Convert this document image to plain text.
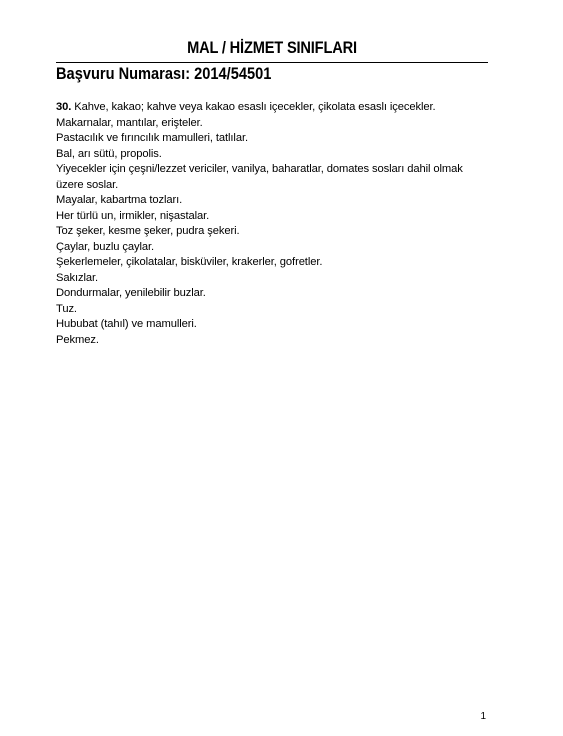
MAL / HİZMET SINIFLARI
Başvuru Numarası: 2014/54501
30. Kahve, kakao; kahve veya kakao esaslı içecekler, çikolata esaslı içecekler.
Makarnalar, mantılar, erişteler.
Pastacılık ve fırıncılık mamulleri, tatlılar.
Bal, arı sütü, propolis.
Yiyecekler için çeşni/lezzet vericiler, vanilya, baharatlar, domates sosları dahil olmak
üzere soslar.
Mayalar, kabartma tozları.
Her türlü un, irmikler, nişastalar.
Toz şeker, kesme şeker, pudra şekeri.
Çaylar, buzlu çaylar.
Şekerlemeler, çikolatalar, bisküviler, krakerler, gofretler.
Sakızlar.
Dondurmalar, yenilebilir buzlar.
Tuz.
Hububat (tahıl) ve mamulleri.
Pekmez.
1
